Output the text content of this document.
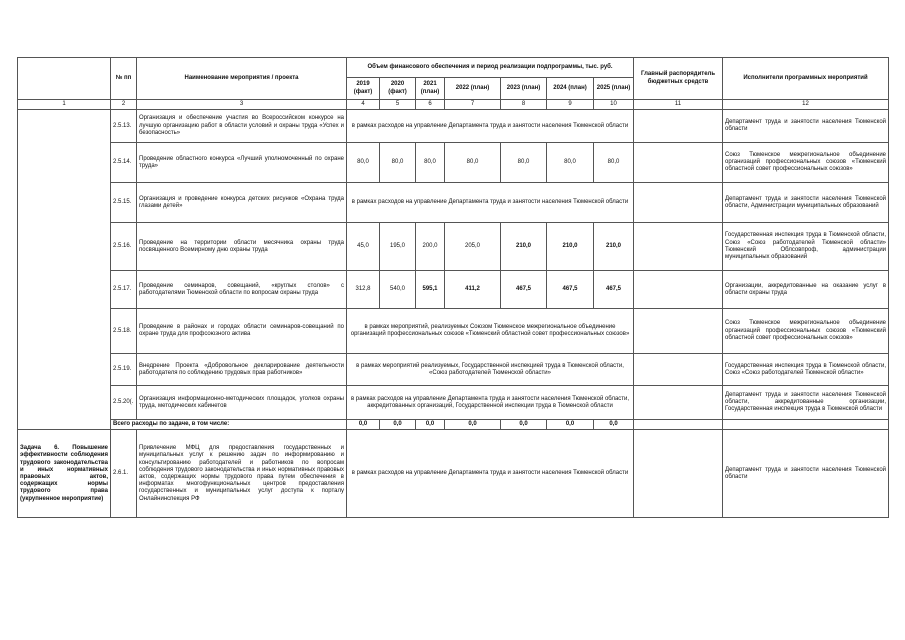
	№ пп	Наименование мероприятия / проекта	Объем финансового обеспечения и период реализации подпрограммы, тыс. руб.							Главный распорядитель бюджетных средств	Исполнители программных мероприятий
			2019 (факт)	2020 (факт)	2021 (план)	2022 (план)	2023 (план)	2024 (план)	2025 (план)		
1	2	3	4	5	6	7	8	9	10	11	12
	2.5.13.	Организация и обеспечение участия во Всероссийском конкурсе на лучшую организацию работ в области условий и охраны труда «Успех и безопасность»	в рамках расходов на управление Департамента труда и занятости населения Тюменской области								Департамент труда и занятости населения Тюменской области
	2.5.14.	Проведение областного конкурса «Лучший уполномоченный по охране труда»	80,0	80,0	80,0	80,0	80,0	80,0	80,0		Союз Тюменское межрегиональное объединение организаций профессиональных союзов «Тюменский областной совет профессиональных союзов»
	2.5.15.	Организация и проведение конкурса детских рисунков «Охрана труда глазами детей»	в рамках расходов на управление Департамента труда и занятости населения Тюменской области								Департамент труда и занятости населения Тюменской области, Администрации муниципальных образований
	2.5.16.	Проведение на территории области месячника охраны труда посвященного Всемирному дню охраны труда	45,0	195,0	200,0	205,0	210,0	210,0	210,0		Государственная инспекция труда в Тюменской области, Союз «Союз работодателей Тюменской области» Тюменский Облсовпроф, администрации муниципальных образований
	2.5.17.	Проведение семинаров, совещаний, «круглых столов» с работодателями Тюменской области по вопросам охраны труда	312,8	540,0	595,1	411,2	467,5	467,5	467,5		Организации, аккредитованные на оказание услуг в области охраны труда
	2.5.18.	Проведение в районах и городах области семинаров-совещаний по охране труда для профсоюзного актива	в рамках мероприятий, реализуемых Союзом Тюменское межрегиональное объединение организаций профессиональных союзов «Тюменский областной совет профессиональных союзов»								Союз Тюменское межрегиональное объединение организаций профессиональных союзов «Тюменский областной совет профессиональных союзов»
	2.5.19.	Внедрение Проекта «Добровольное декларирование деятельности работодателя по соблюдению трудовых прав работников»	в рамках мероприятий реализуемых, Государственной инспекцией труда в Тюменской области, «Союз работодателей Тюменской области»								Государственная инспекция труда в Тюменской области, Союз «Союз работодателей Тюменской области»
	2.5.20(.	Организация информационно-методических площадок, уголков охраны труда, методических кабинетов	в рамках расходов на управление Департамента труда и занятости населения Тюменской области, аккредитованных организаций, Государственной инспекции труда в Тюменской области								Департамент труда и занятости населения Тюменской области, аккредитованные организации, Государственная инспекция труда в Тюменской области
	Всего расходы по задаче, в том числе:		0,0	0,0	0,0	0,0	0,0	0,0	0,0		
Задача 6. Повышение эффективности соблюдения трудового законодательства и иных нормативных правовых актов, содержащих нормы трудового права (укрупненное мероприятие)	2.6.1.	Привлечение МФЦ для предоставления государственных и муниципальных услуг к решению задач по информированию и консультированию работодателей и работников по вопросам соблюдения трудового законодательства и иных нормативных правовых актов, содержащих нормы трудового права путем обеспечения в информатах многофункциональных центров предоставления государственных и муниципальных услуг доступа к порталу Онлайнинспекция РФ	в рамках расходов на управление Департамента труда и занятости населения Тюменской области								Департамент труда и занятости населения Тюменской области
